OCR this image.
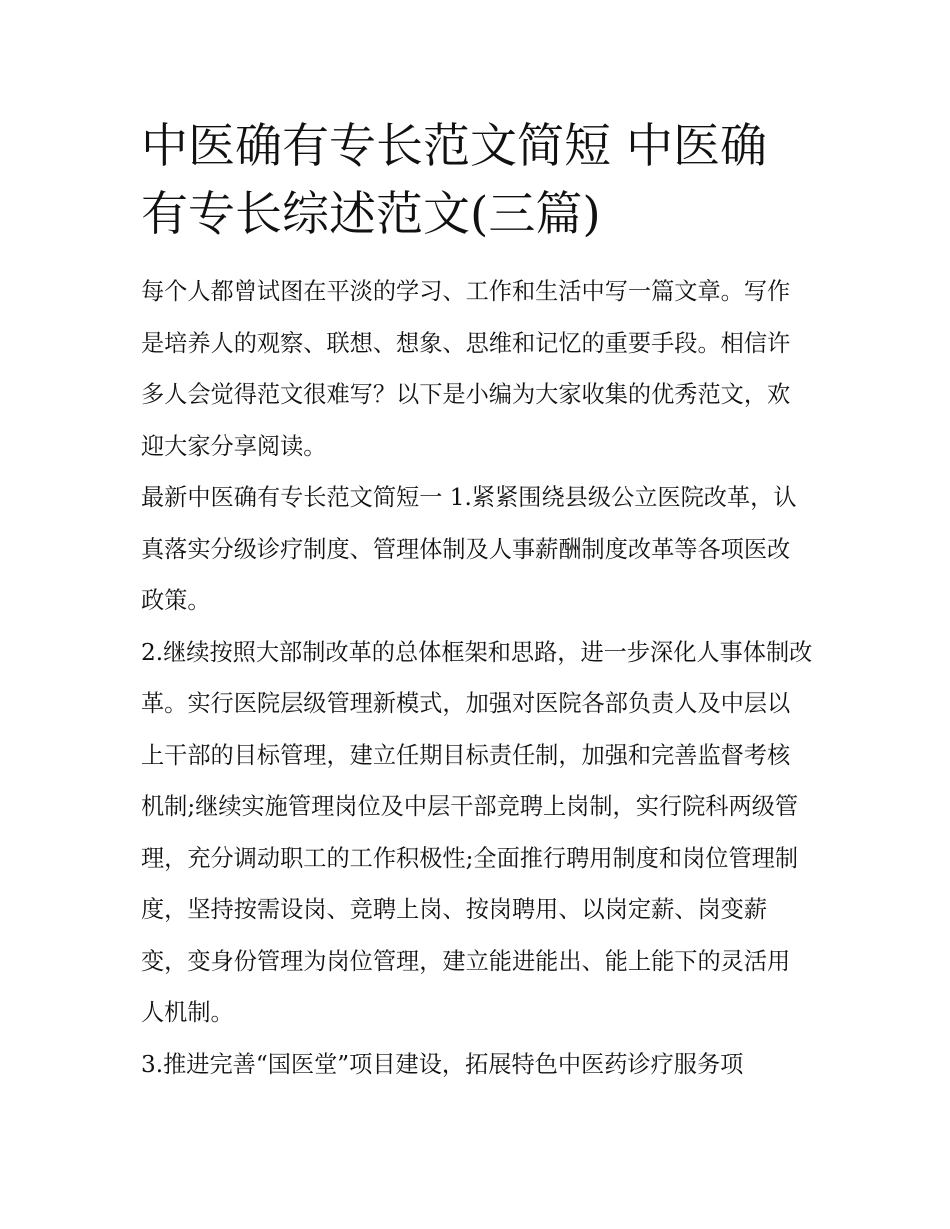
中医确有专长范文简短 中医确有专长综述范文(三篇)

每个人都曾试图在平淡的学习、工作和生活中写一篇文章。写作是培养人的观察、联想、想象、思维和记忆的重要手段。相信许多人会觉得范文很难写？以下是小编为大家收集的优秀范文，欢迎大家分享阅读。

最新中医确有专长范文简短一 1.紧紧围绕县级公立医院改革，认真落实分级诊疗制度、管理体制及人事薪酬制度改革等各项医改政策。

2.继续按照大部制改革的总体框架和思路，进一步深化人事体制改革。实行医院层级管理新模式，加强对医院各部负责人及中层以上干部的目标管理，建立任期目标责任制，加强和完善监督考核机制;继续实施管理岗位及中层干部竞聘上岗制，实行院科两级管理，充分调动职工的工作积极性;全面推行聘用制度和岗位管理制度，坚持按需设岗、竞聘上岗、按岗聘用、以岗定薪、岗变薪变，变身份管理为岗位管理，建立能进能出、能上能下的灵活用人机制。

3.推进完善“国医堂”项目建设，拓展特色中医药诊疗服务项
